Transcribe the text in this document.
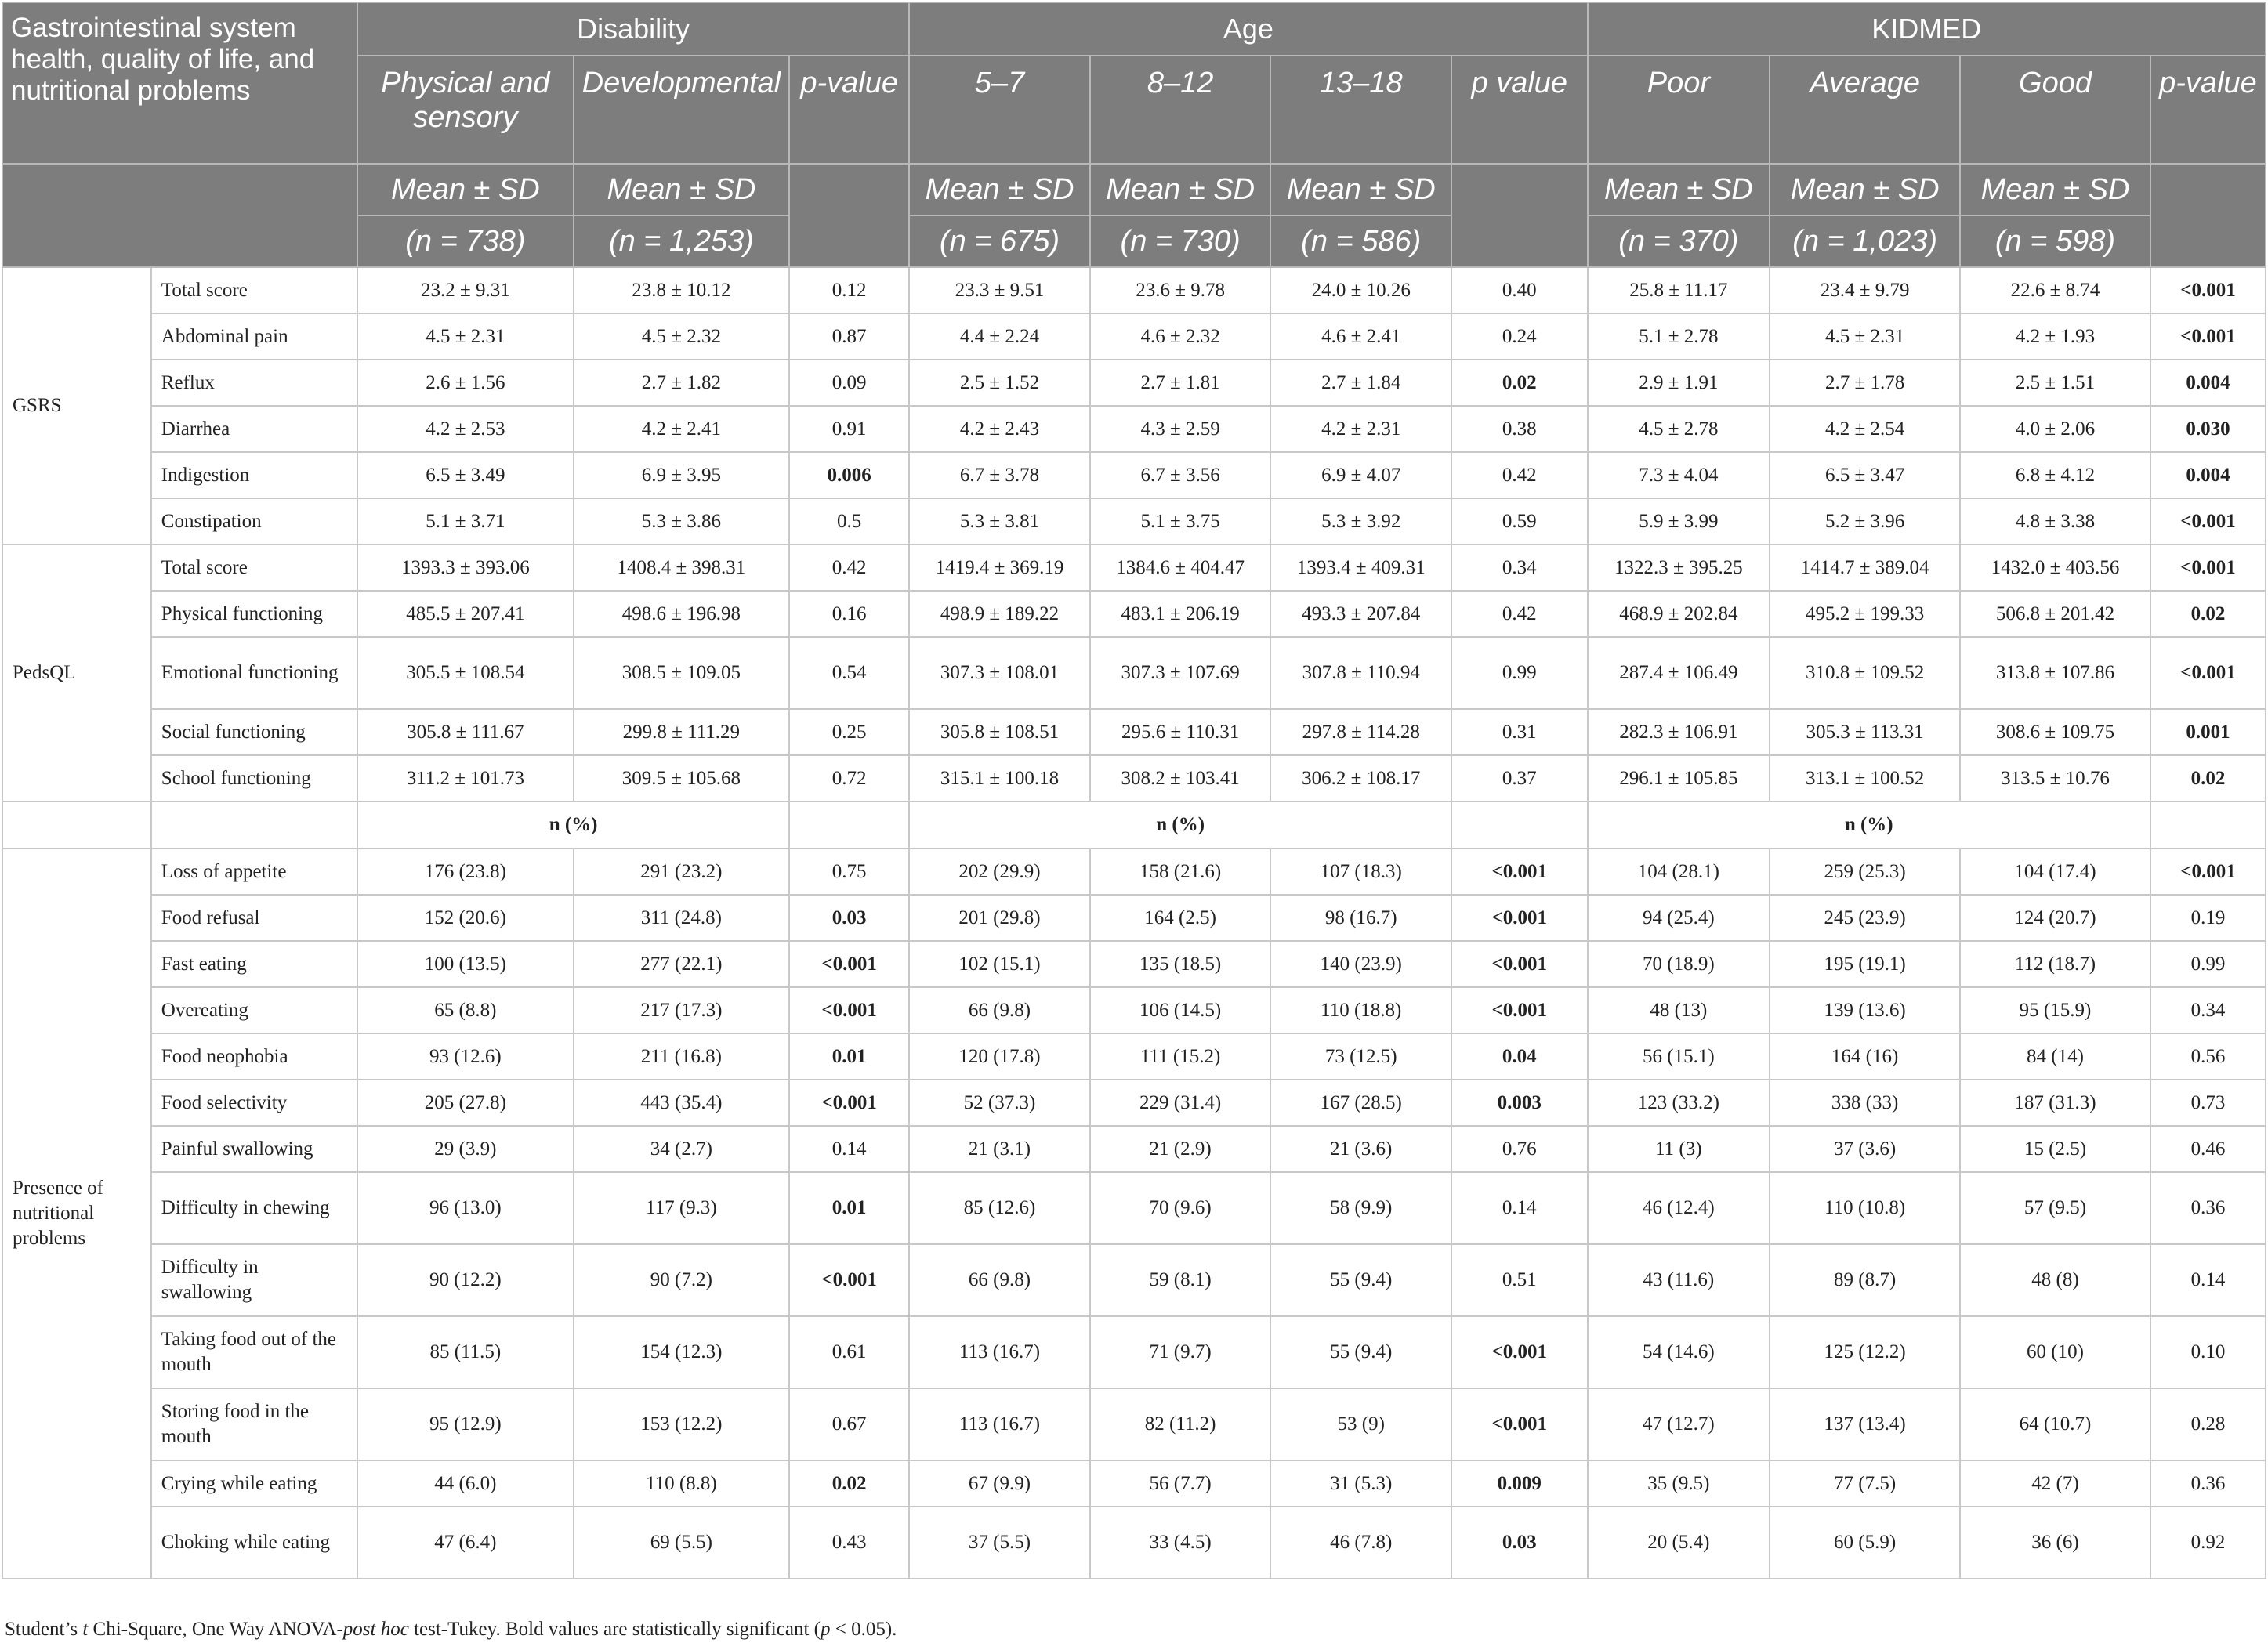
Gastrointestinal system health, quality of life, and nutritional problems		Disability			Age				KIDMED			
		Physical and sensory	Developmental	p-value	5–7	8–12	13–18	p value	Poor	Average	Good	p-value
		Mean ± SD	Mean ± SD		Mean ± SD	Mean ± SD	Mean ± SD		Mean ± SD	Mean ± SD	Mean ± SD	
		(n = 738)	(n = 1,253)		(n = 675)	(n = 730)	(n = 586)		(n = 370)	(n = 1,023)	(n = 598)	
GSRS	Total score	23.2 ± 9.31	23.8 ± 10.12	0.12	23.3 ± 9.51	23.6 ± 9.78	24.0 ± 10.26	0.40	25.8 ± 11.17	23.4 ± 9.79	22.6 ± 8.74	<0.001
	Abdominal pain	4.5 ± 2.31	4.5 ± 2.32	0.87	4.4 ± 2.24	4.6 ± 2.32	4.6 ± 2.41	0.24	5.1 ± 2.78	4.5 ± 2.31	4.2 ± 1.93	<0.001
	Reflux	2.6 ± 1.56	2.7 ± 1.82	0.09	2.5 ± 1.52	2.7 ± 1.81	2.7 ± 1.84	0.02	2.9 ± 1.91	2.7 ± 1.78	2.5 ± 1.51	0.004
	Diarrhea	4.2 ± 2.53	4.2 ± 2.41	0.91	4.2 ± 2.43	4.3 ± 2.59	4.2 ± 2.31	0.38	4.5 ± 2.78	4.2 ± 2.54	4.0 ± 2.06	0.030
	Indigestion	6.5 ± 3.49	6.9 ± 3.95	0.006	6.7 ± 3.78	6.7 ± 3.56	6.9 ± 4.07	0.42	7.3 ± 4.04	6.5 ± 3.47	6.8 ± 4.12	0.004
	Constipation	5.1 ± 3.71	5.3 ± 3.86	0.5	5.3 ± 3.81	5.1 ± 3.75	5.3 ± 3.92	0.59	5.9 ± 3.99	5.2 ± 3.96	4.8 ± 3.38	<0.001
PedsQL	Total score	1393.3 ± 393.06	1408.4 ± 398.31	0.42	1419.4 ± 369.19	1384.6 ± 404.47	1393.4 ± 409.31	0.34	1322.3 ± 395.25	1414.7 ± 389.04	1432.0 ± 403.56	<0.001
	Physical functioning	485.5 ± 207.41	498.6 ± 196.98	0.16	498.9 ± 189.22	483.1 ± 206.19	493.3 ± 207.84	0.42	468.9 ± 202.84	495.2 ± 199.33	506.8 ± 201.42	0.02
	Emotional functioning	305.5 ± 108.54	308.5 ± 109.05	0.54	307.3 ± 108.01	307.3 ± 107.69	307.8 ± 110.94	0.99	287.4 ± 106.49	310.8 ± 109.52	313.8 ± 107.86	<0.001
	Social functioning	305.8 ± 111.67	299.8 ± 111.29	0.25	305.8 ± 108.51	295.6 ± 110.31	297.8 ± 114.28	0.31	282.3 ± 106.91	305.3 ± 113.31	308.6 ± 109.75	0.001
	School functioning	311.2 ± 101.73	309.5 ± 105.68	0.72	315.1 ± 100.18	308.2 ± 103.41	306.2 ± 108.17	0.37	296.1 ± 105.85	313.1 ± 100.52	313.5 ± 10.76	0.02
		n (%)			n (%)				n (%)			
Presence of nutritional problems	Loss of appetite	176 (23.8)	291 (23.2)	0.75	202 (29.9)	158 (21.6)	107 (18.3)	<0.001	104 (28.1)	259 (25.3)	104 (17.4)	<0.001
	Food refusal	152 (20.6)	311 (24.8)	0.03	201 (29.8)	164 (2.5)	98 (16.7)	<0.001	94 (25.4)	245 (23.9)	124 (20.7)	0.19
	Fast eating	100 (13.5)	277 (22.1)	<0.001	102 (15.1)	135 (18.5)	140 (23.9)	<0.001	70 (18.9)	195 (19.1)	112 (18.7)	0.99
	Overeating	65 (8.8)	217 (17.3)	<0.001	66 (9.8)	106 (14.5)	110 (18.8)	<0.001	48 (13)	139 (13.6)	95 (15.9)	0.34
	Food neophobia	93 (12.6)	211 (16.8)	0.01	120 (17.8)	111 (15.2)	73 (12.5)	0.04	56 (15.1)	164 (16)	84 (14)	0.56
	Food selectivity	205 (27.8)	443 (35.4)	<0.001	52 (37.3)	229 (31.4)	167 (28.5)	0.003	123 (33.2)	338 (33)	187 (31.3)	0.73
	Painful swallowing	29 (3.9)	34 (2.7)	0.14	21 (3.1)	21 (2.9)	21 (3.6)	0.76	11 (3)	37 (3.6)	15 (2.5)	0.46
	Difficulty in chewing	96 (13.0)	117 (9.3)	0.01	85 (12.6)	70 (9.6)	58 (9.9)	0.14	46 (12.4)	110 (10.8)	57 (9.5)	0.36
	Difficulty in swallowing	90 (12.2)	90 (7.2)	<0.001	66 (9.8)	59 (8.1)	55 (9.4)	0.51	43 (11.6)	89 (8.7)	48 (8)	0.14
	Taking food out of the mouth	85 (11.5)	154 (12.3)	0.61	113 (16.7)	71 (9.7)	55 (9.4)	<0.001	54 (14.6)	125 (12.2)	60 (10)	0.10
	Storing food in the mouth	95 (12.9)	153 (12.2)	0.67	113 (16.7)	82 (11.2)	53 (9)	<0.001	47 (12.7)	137 (13.4)	64 (10.7)	0.28
	Crying while eating	44 (6.0)	110 (8.8)	0.02	67 (9.9)	56 (7.7)	31 (5.3)	0.009	35 (9.5)	77 (7.5)	42 (7)	0.36
	Choking while eating	47 (6.4)	69 (5.5)	0.43	37 (5.5)	33 (4.5)	46 (7.8)	0.03	20 (5.4)	60 (5.9)	36 (6)	0.92
Student’s t Chi-Square, One Way ANOVA-post hoc test-Tukey. Bold values are statistically significant (p < 0.05).
